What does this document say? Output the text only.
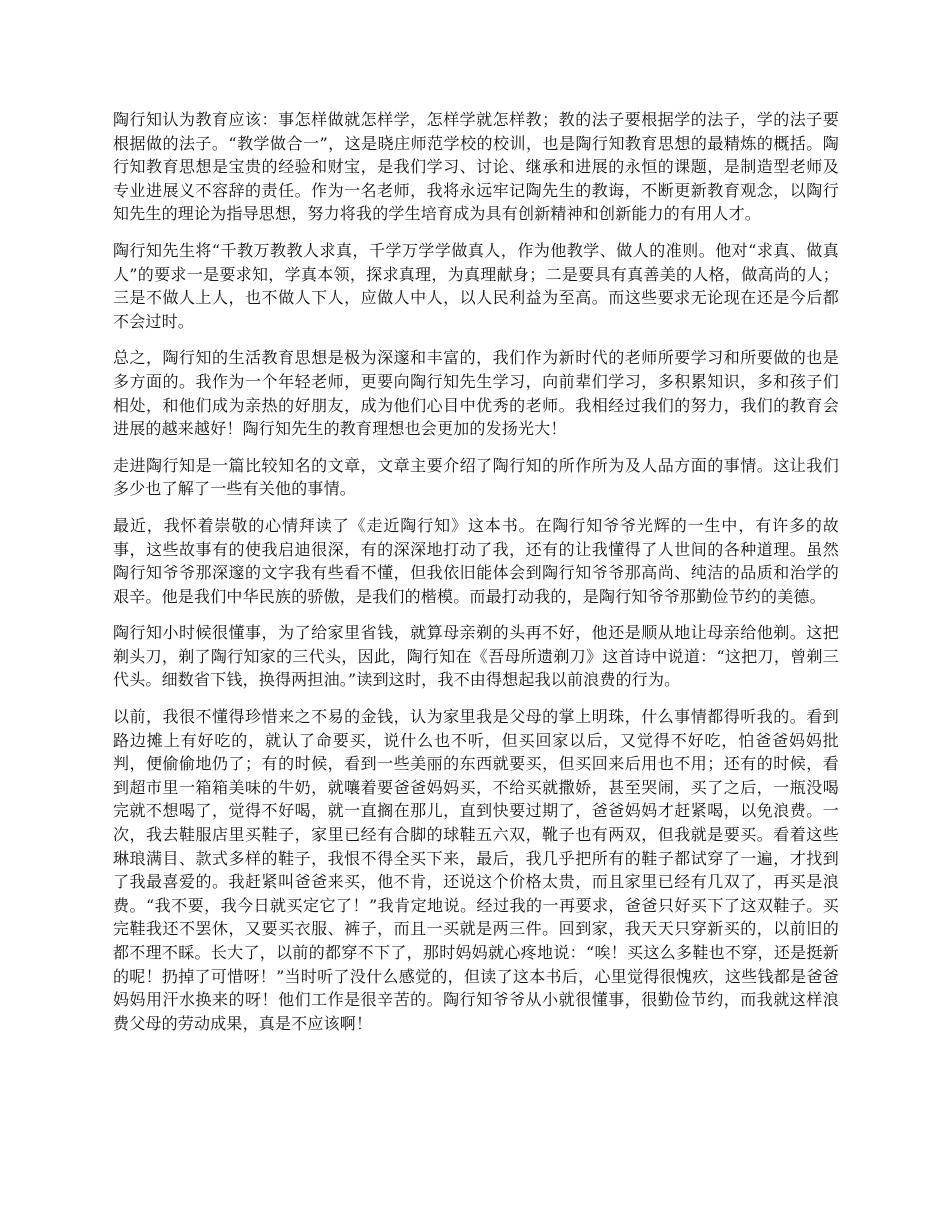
陶行知认为教育应该：事怎样做就怎样学，怎样学就怎样教；教的法子要根据学的法子，学的法子要根据做的法子。“教学做合一”，这是晓庄师范学校的校训，也是陶行知教育思想的最精炼的概括。陶行知教育思想是宝贵的经验和财宝，是我们学习、讨论、继承和进展的永恒的课题，是制造型老师及专业进展义不容辞的责任。作为一名老师，我将永远牢记陶先生的教诲，不断更新教育观念，以陶行知先生的理论为指导思想，努力将我的学生培育成为具有创新精神和创新能力的有用人才。

陶行知先生将“千教万教教人求真，千学万学学做真人，作为他教学、做人的准则。他对“求真、做真人”的要求一是要求知，学真本领，探求真理，为真理献身；二是要具有真善美的人格，做高尚的人；三是不做人上人，也不做人下人，应做人中人，以人民利益为至高。而这些要求无论现在还是今后都不会过时。

总之，陶行知的生活教育思想是极为深邃和丰富的，我们作为新时代的老师所要学习和所要做的也是多方面的。我作为一个年轻老师，更要向陶行知先生学习，向前辈们学习，多积累知识，多和孩子们相处，和他们成为亲热的好朋友，成为他们心目中优秀的老师。我相经过我们的努力，我们的教育会进展的越来越好！陶行知先生的教育理想也会更加的发扬光大！

走进陶行知是一篇比较知名的文章，文章主要介绍了陶行知的所作所为及人品方面的事情。这让我们多少也了解了一些有关他的事情。

最近，我怀着崇敬的心情拜读了《走近陶行知》这本书。在陶行知爷爷光辉的一生中，有许多的故事，这些故事有的使我启迪很深，有的深深地打动了我，还有的让我懂得了人世间的各种道理。虽然陶行知爷爷那深邃的文字我有些看不懂，但我依旧能体会到陶行知爷爷那高尚、纯洁的品质和治学的艰辛。他是我们中华民族的骄傲，是我们的楷模。而最打动我的，是陶行知爷爷那勤俭节约的美德。

陶行知小时候很懂事，为了给家里省钱，就算母亲剃的头再不好，他还是顺从地让母亲给他剃。这把剃头刀，剃了陶行知家的三代头，因此，陶行知在《吾母所遗剃刀》这首诗中说道：“这把刀，曾剃三代头。细数省下钱，换得两担油。”读到这时，我不由得想起我以前浪费的行为。

以前，我很不懂得珍惜来之不易的金钱，认为家里我是父母的掌上明珠，什么事情都得听我的。看到路边摊上有好吃的，就认了命要买，说什么也不听，但买回家以后，又觉得不好吃，怕爸爸妈妈批判，便偷偷地仍了；有的时候，看到一些美丽的东西就要买，但买回来后用也不用；还有的时候，看到超市里一箱箱美味的牛奶，就嚷着要爸爸妈妈买，不给买就撒娇，甚至哭闹，买了之后，一瓶没喝完就不想喝了，觉得不好喝，就一直搁在那儿，直到快要过期了，爸爸妈妈才赶紧喝，以免浪费。一次，我去鞋服店里买鞋子，家里已经有合脚的球鞋五六双，靴子也有两双，但我就是要买。看着这些琳琅满目、款式多样的鞋子，我恨不得全买下来，最后，我几乎把所有的鞋子都试穿了一遍，才找到了我最喜爱的。我赶紧叫爸爸来买，他不肯，还说这个价格太贵，而且家里已经有几双了，再买是浪费。“我不要，我今日就买定它了！”我肯定地说。经过我的一再要求，爸爸只好买下了这双鞋子。买完鞋我还不罢休，又要买衣服、裤子，而且一买就是两三件。回到家，我天天只穿新买的，以前旧的都不理不睬。长大了，以前的都穿不下了，那时妈妈就心疼地说：“唉！买这么多鞋也不穿，还是挺新的呢！扔掉了可惜呀！”当时听了没什么感觉的，但读了这本书后，心里觉得很愧疚，这些钱都是爸爸妈妈用汗水换来的呀！他们工作是很辛苦的。陶行知爷爷从小就很懂事，很勤俭节约，而我就这样浪费父母的劳动成果，真是不应该啊！
